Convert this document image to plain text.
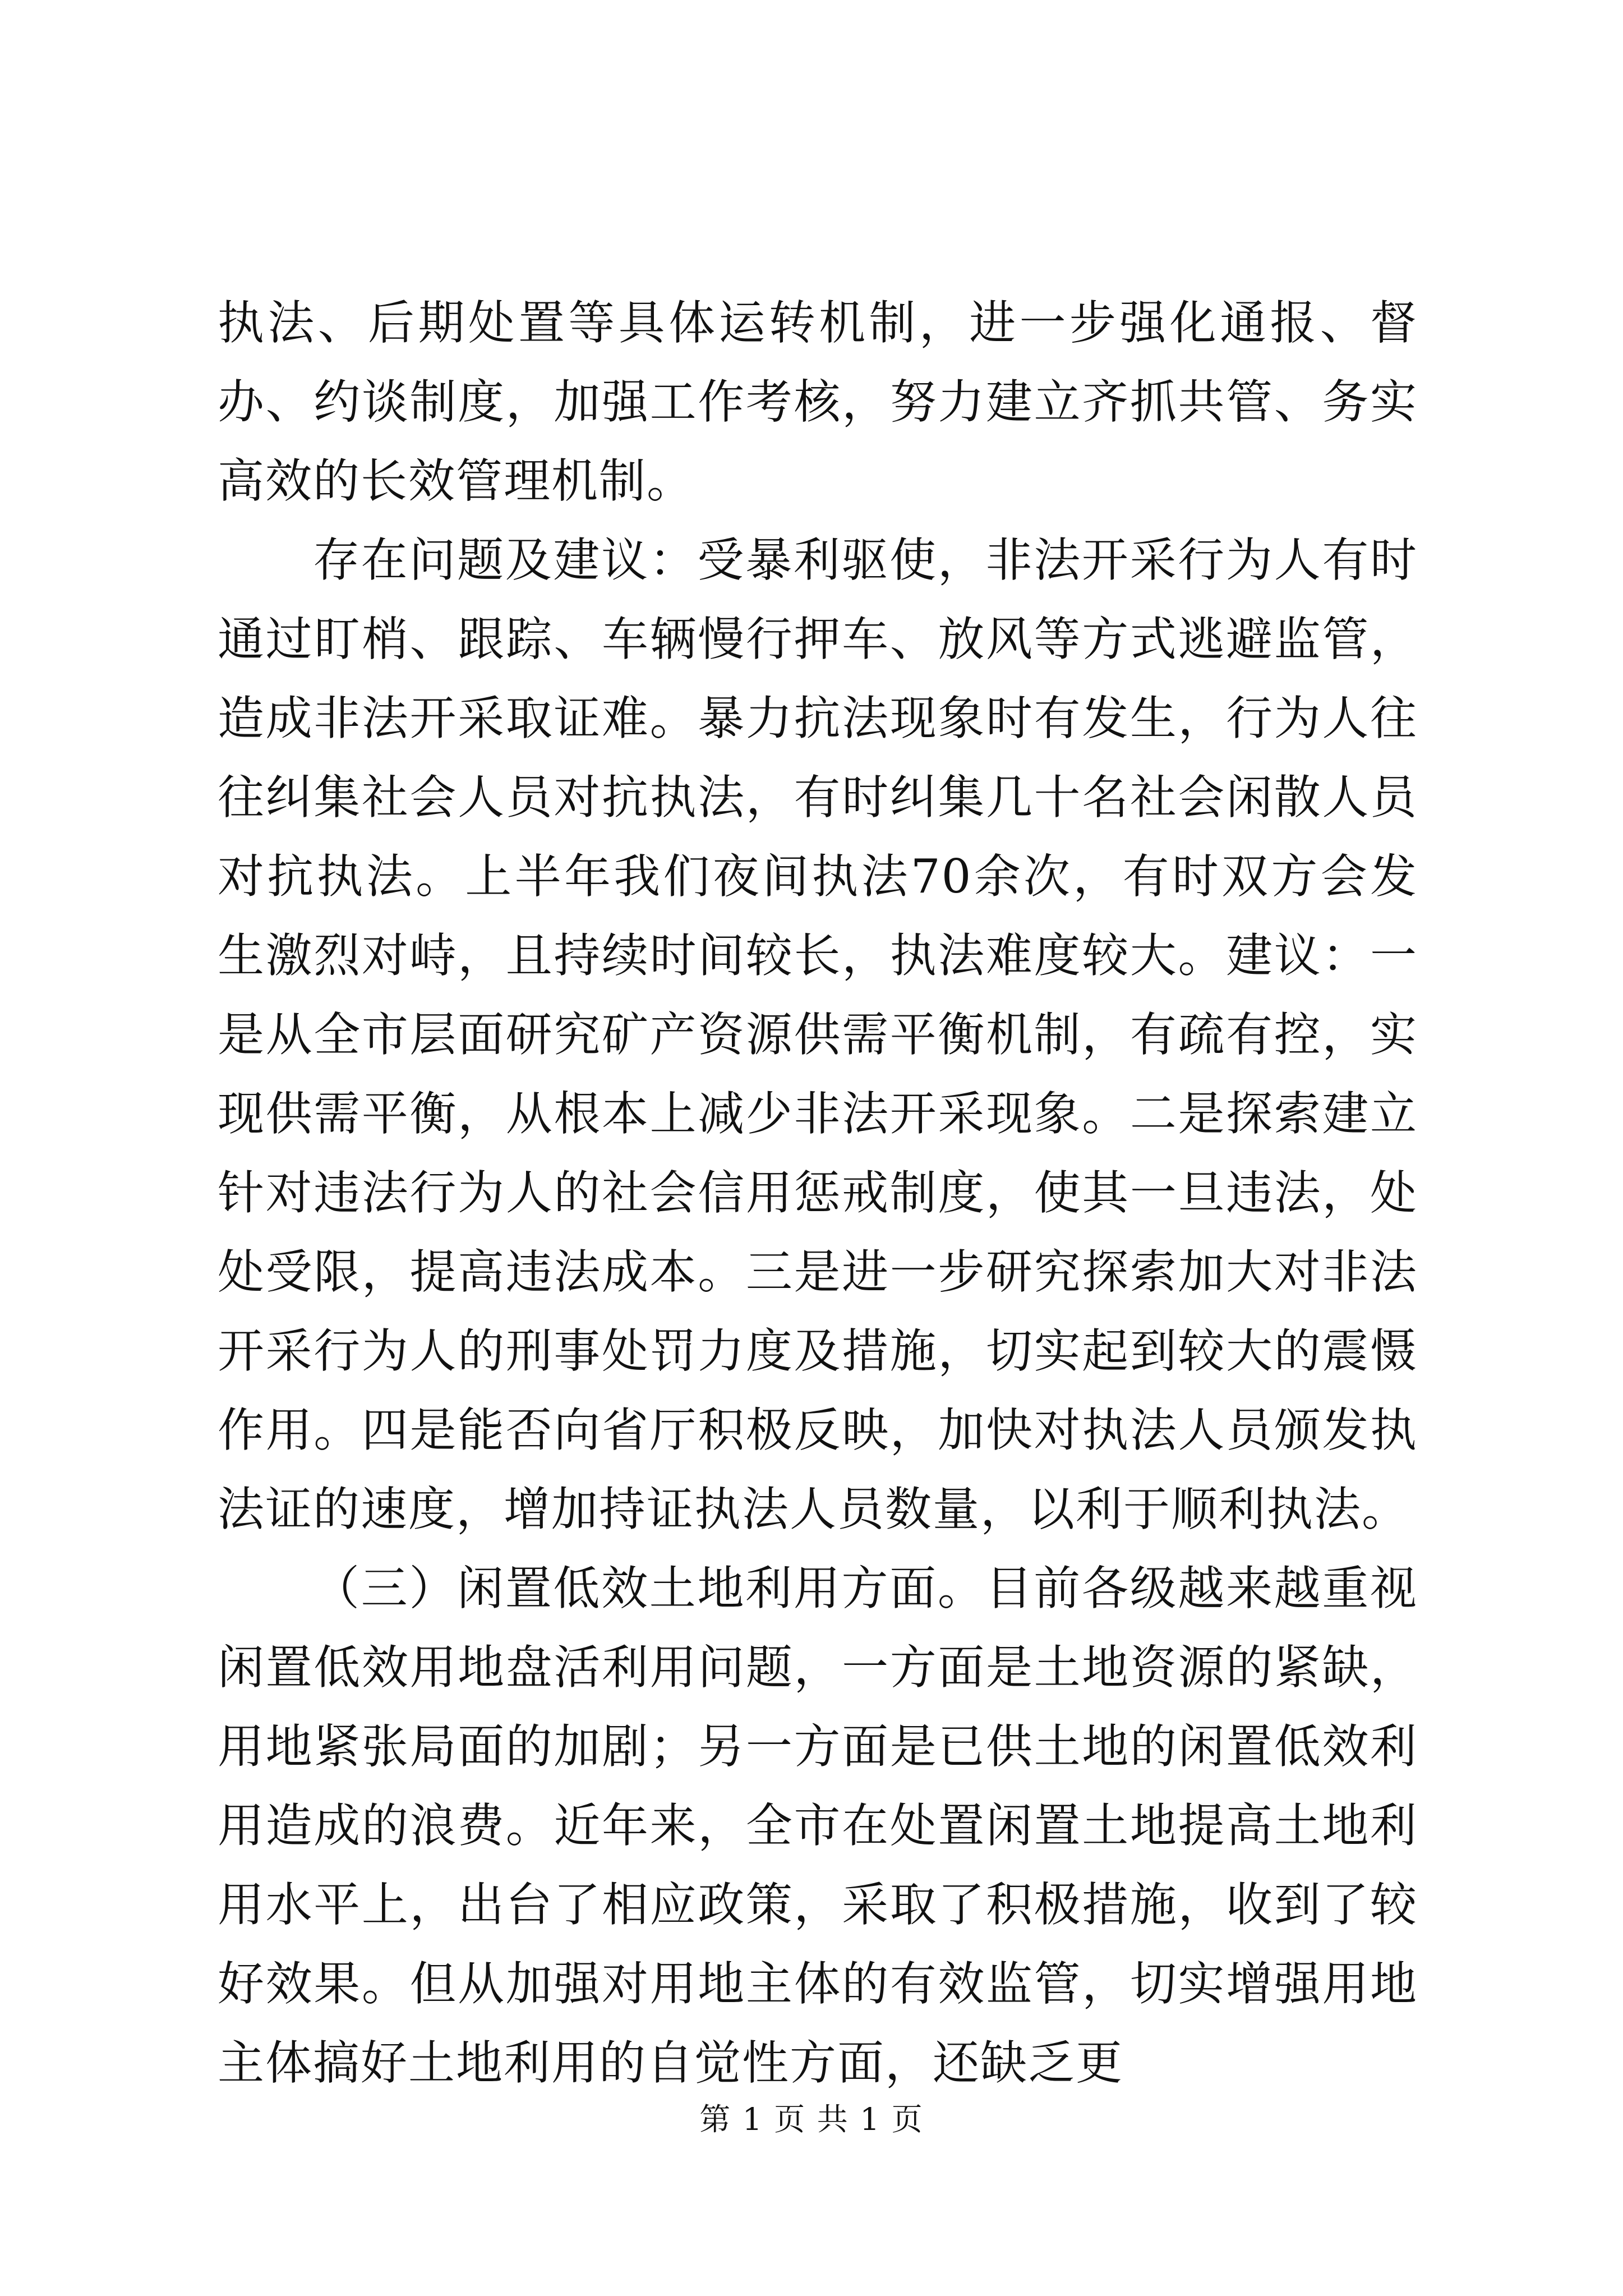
执法、后期处置等具体运转机制，进一步强化通报、督办、约谈制度，加强工作考核，努力建立齐抓共管、务实高效的长效管理机制。

存在问题及建议：受暴利驱使，非法开采行为人有时通过盯梢、跟踪、车辆慢行押车、放风等方式逃避监管，造成非法开采取证难。暴力抗法现象时有发生，行为人往往纠集社会人员对抗执法，有时纠集几十名社会闲散人员对抗执法。上半年我们夜间执法70余次，有时双方会发生激烈对峙，且持续时间较长，执法难度较大。建议：一是从全市层面研究矿产资源供需平衡机制，有疏有控，实现供需平衡，从根本上减少非法开采现象。二是探索建立针对违法行为人的社会信用惩戒制度，使其一旦违法，处处受限，提高违法成本。三是进一步研究探索加大对非法开采行为人的刑事处罚力度及措施，切实起到较大的震慑作用。四是能否向省厅积极反映，加快对执法人员颁发执法证的速度，增加持证执法人员数量，以利于顺利执法。

（三）闲置低效土地利用方面。目前各级越来越重视闲置低效用地盘活利用问题，一方面是土地资源的紧缺，用地紧张局面的加剧；另一方面是已供土地的闲置低效利用造成的浪费。近年来，全市在处置闲置土地提高土地利用水平上，出台了相应政策，采取了积极措施，收到了较好效果。但从加强对用地主体的有效监管，切实增强用地主体搞好土地利用的自觉性方面，还缺乏更

第 1 页 共 1 页
